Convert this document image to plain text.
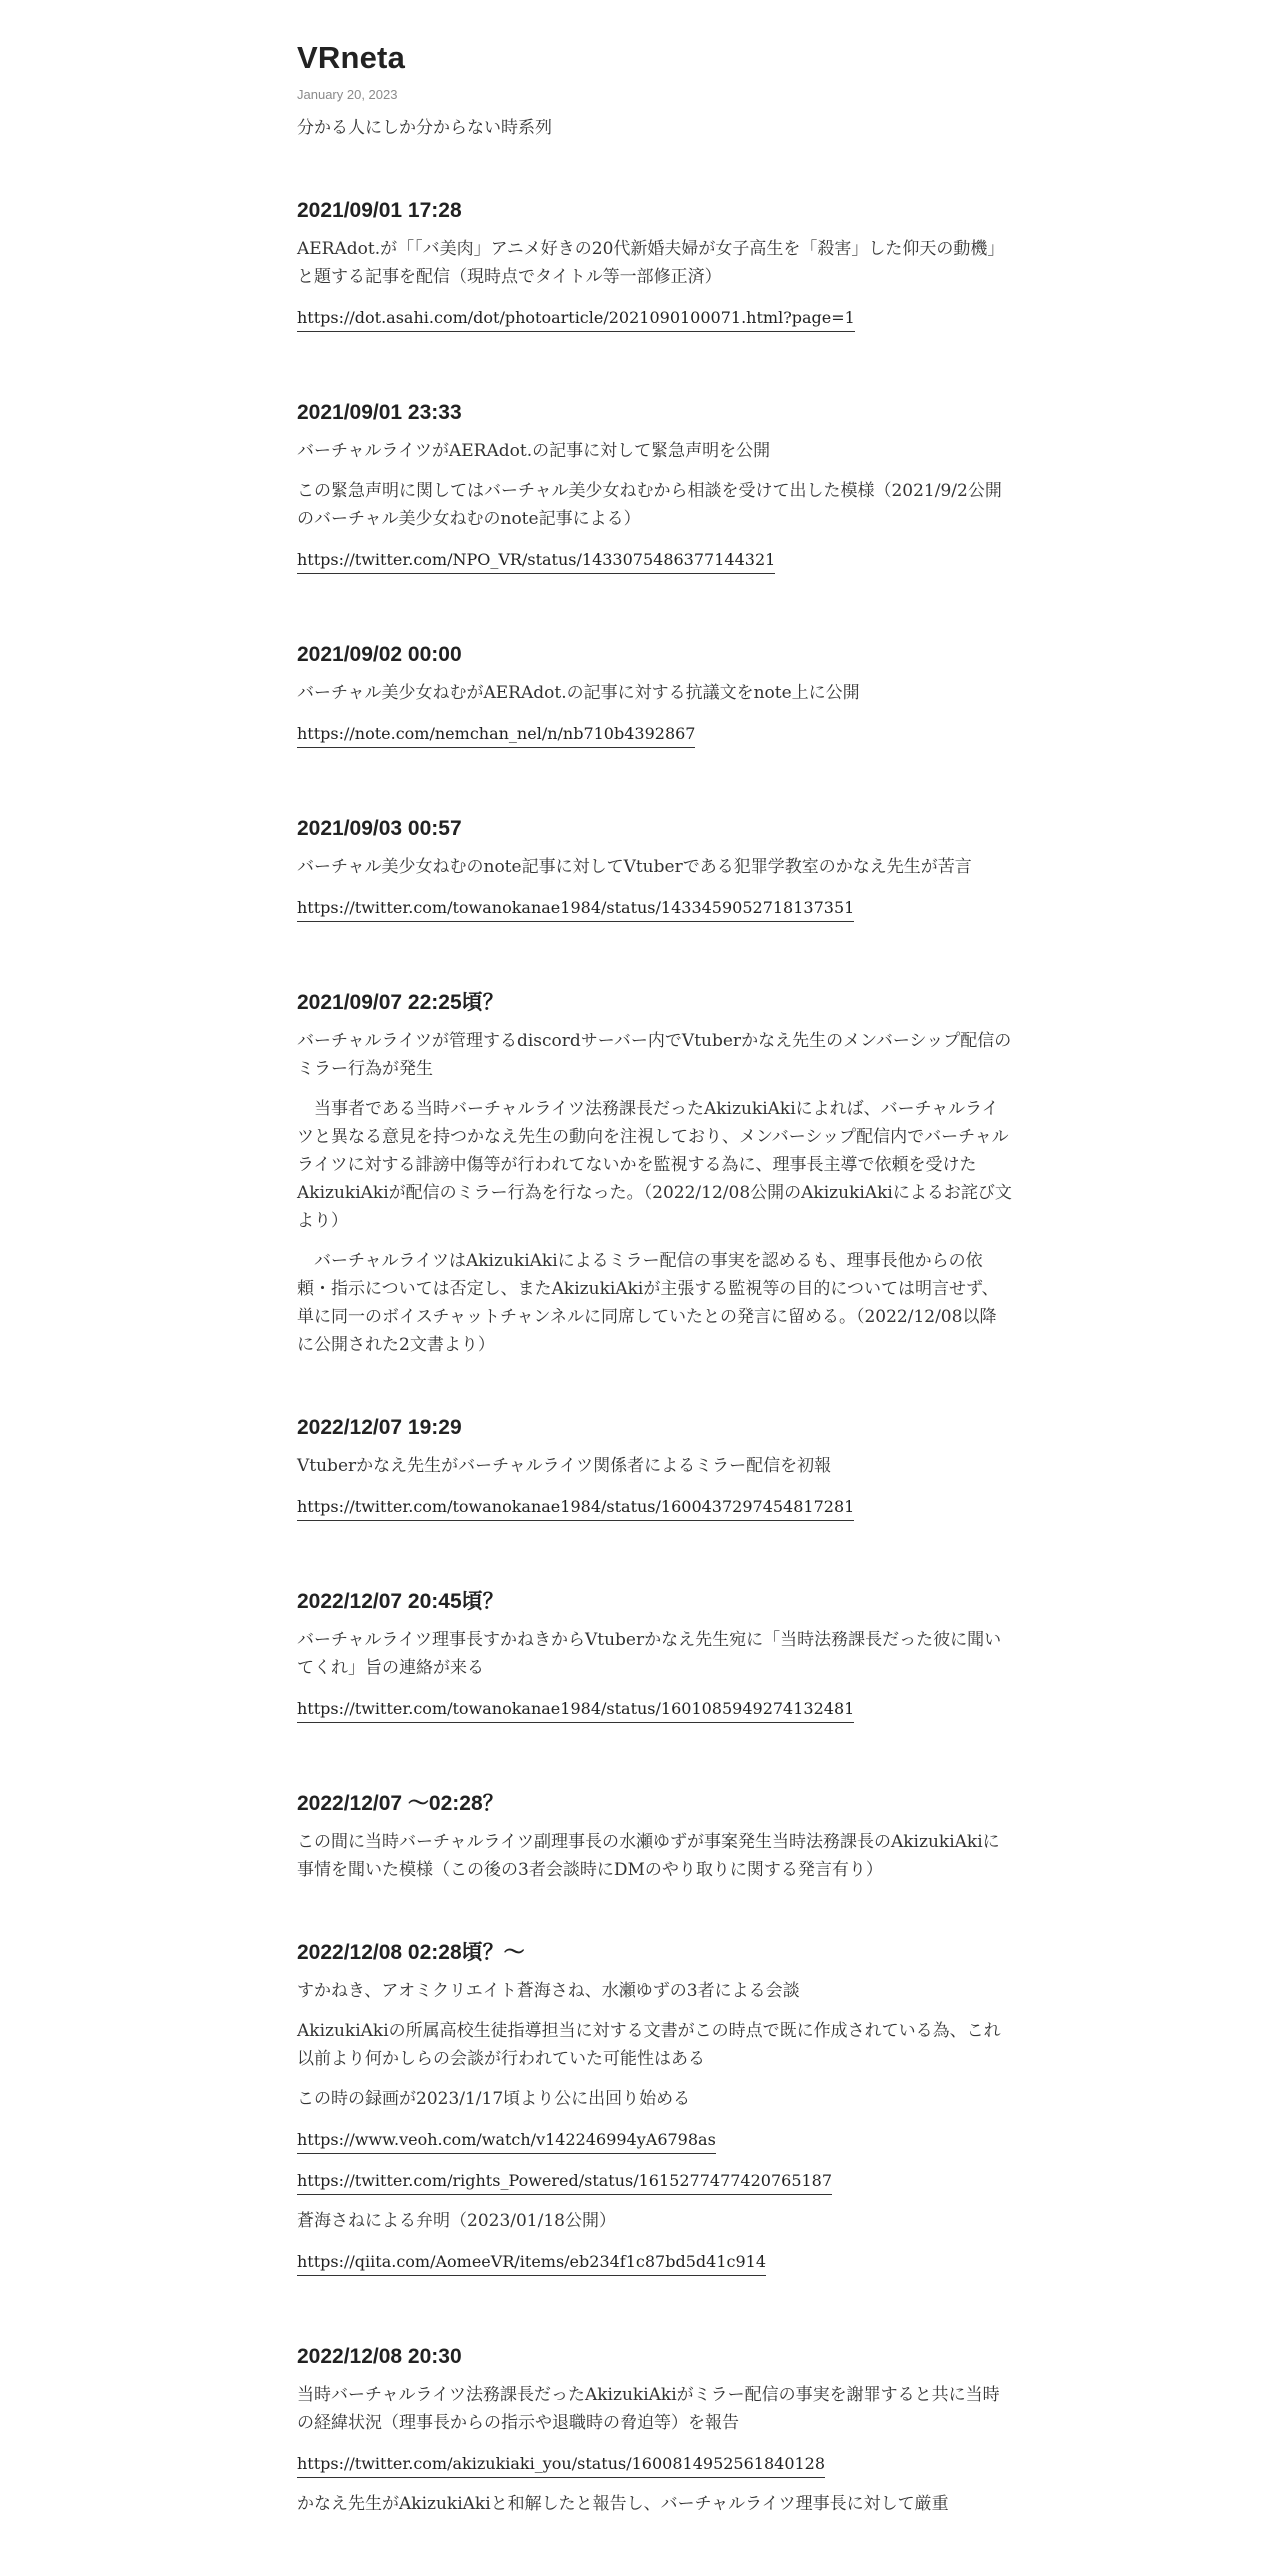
VRneta
January 20, 2023

分かる人にしか分からない時系列

2021/09/01 17:28

AERAdot.が「「バ美肉」アニメ好きの20代新婚夫婦が女子高生を「殺害」した仰天の動機」と題する記事を配信（現時点でタイトル等一部修正済）

https://dot.asahi.com/dot/photoarticle/2021090100071.html?page=1
2021/09/01 23:33

バーチャルライツがAERAdot.の記事に対して緊急声明を公開

この緊急声明に関してはバーチャル美少女ねむから相談を受けて出した模様（2021/9/2公開のバーチャル美少女ねむのnote記事による）

https://twitter.com/NPO_VR/status/1433075486377144321
2021/09/02 00:00

バーチャル美少女ねむがAERAdot.の記事に対する抗議文をnote上に公開

https://note.com/nemchan_nel/n/nb710b4392867
2021/09/03 00:57

バーチャル美少女ねむのnote記事に対してVtuberである犯罪学教室のかなえ先生が苦言

https://twitter.com/towanokanae1984/status/1433459052718137351
2021/09/07 22:25頃？

バーチャルライツが管理するdiscordサーバー内でVtuberかなえ先生のメンバーシップ配信のミラー行為が発生

当事者である当時バーチャルライツ法務課長だったAkizukiAkiによれば、バーチャルライツと異なる意見を持つかなえ先生の動向を注視しており、メンバーシップ配信内でバーチャルライツに対する誹謗中傷等が行われてないかを監視する為に、理事長主導で依頼を受けたAkizukiAkiが配信のミラー行為を行なった。（2022/12/08公開のAkizukiAkiによるお詫び文より）

バーチャルライツはAkizukiAkiによるミラー配信の事実を認めるも、理事長他からの依頼・指示については否定し、またAkizukiAkiが主張する監視等の目的については明言せず、単に同一のボイスチャットチャンネルに同席していたとの発言に留める。（2022/12/08以降に公開された2文書より）

2022/12/07 19:29

Vtuberかなえ先生がバーチャルライツ関係者によるミラー配信を初報

https://twitter.com/towanokanae1984/status/1600437297454817281
2022/12/07 20:45頃？

バーチャルライツ理事長すかねきからVtuberかなえ先生宛に「当時法務課長だった彼に聞いてくれ」旨の連絡が来る

https://twitter.com/towanokanae1984/status/1601085949274132481
2022/12/07 ～02:28？

この間に当時バーチャルライツ副理事長の水瀬ゆずが事案発生当時法務課長のAkizukiAkiに事情を聞いた模様（この後の3者会談時にDMのやり取りに関する発言有り）

2022/12/08 02:28頃？～

すかねき、アオミクリエイト蒼海さね、水瀬ゆずの3者による会談

AkizukiAkiの所属高校生徒指導担当に対する文書がこの時点で既に作成されている為、これ以前より何かしらの会談が行われていた可能性はある

この時の録画が2023/1/17頃より公に出回り始める

https://www.veoh.com/watch/v142246994yA6798as
https://twitter.com/rights_Powered/status/1615277477420765187

蒼海さねによる弁明（2023/01/18公開）

https://qiita.com/AomeeVR/items/eb234f1c87bd5d41c914
2022/12/08 20:30

当時バーチャルライツ法務課長だったAkizukiAkiがミラー配信の事実を謝罪すると共に当時の経緯状況（理事長からの指示や退職時の脅迫等）を報告

https://twitter.com/akizukiaki_you/status/1600814952561840128

かなえ先生がAkizukiAkiと和解したと報告し、バーチャルライツ理事長に対して厳重
